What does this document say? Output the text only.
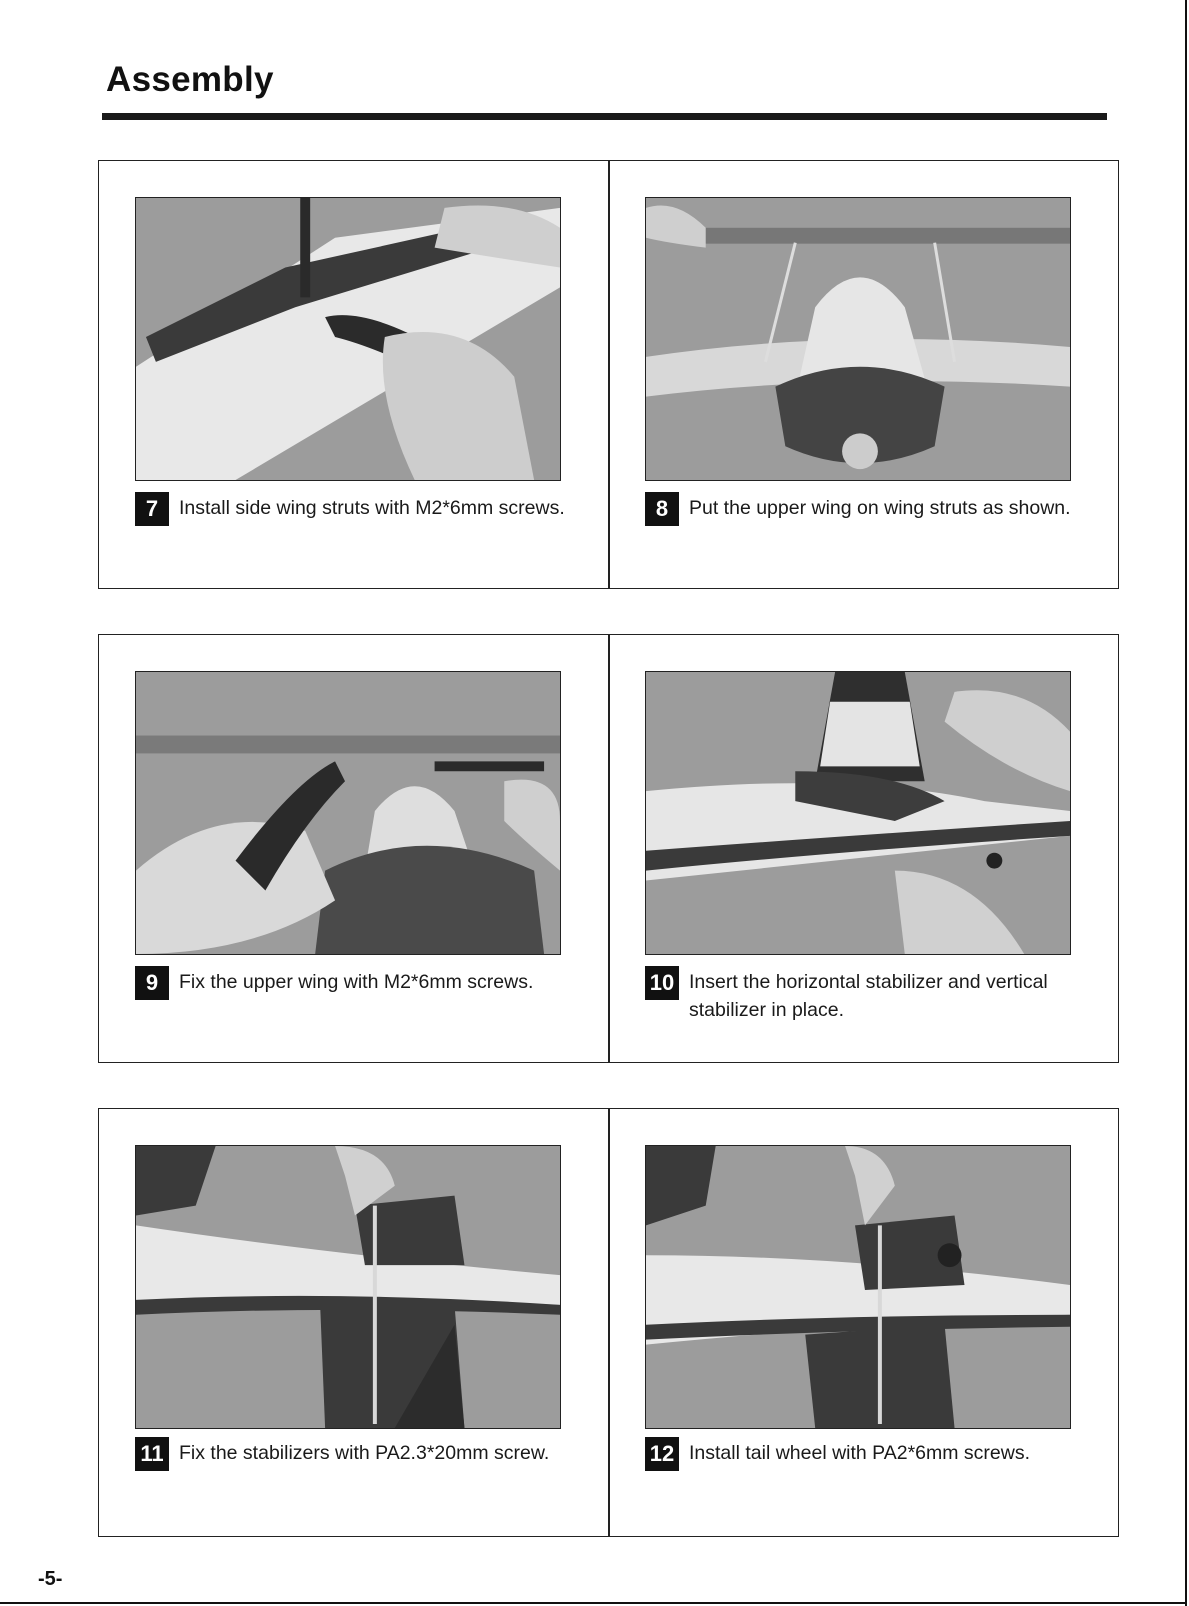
Assembly
7	Install side wing struts with M2*6mm screws.	8	Put the upper wing on wing struts as shown.
9	Fix the upper wing with M2*6mm screws.	10 Insert the horizontal stabilizer and vertical stabilizer in place.
11 Fix the stabilizers with PA2.3*20mm screw.	12 Install tail wheel with PA2*6mm screws.
-5-
